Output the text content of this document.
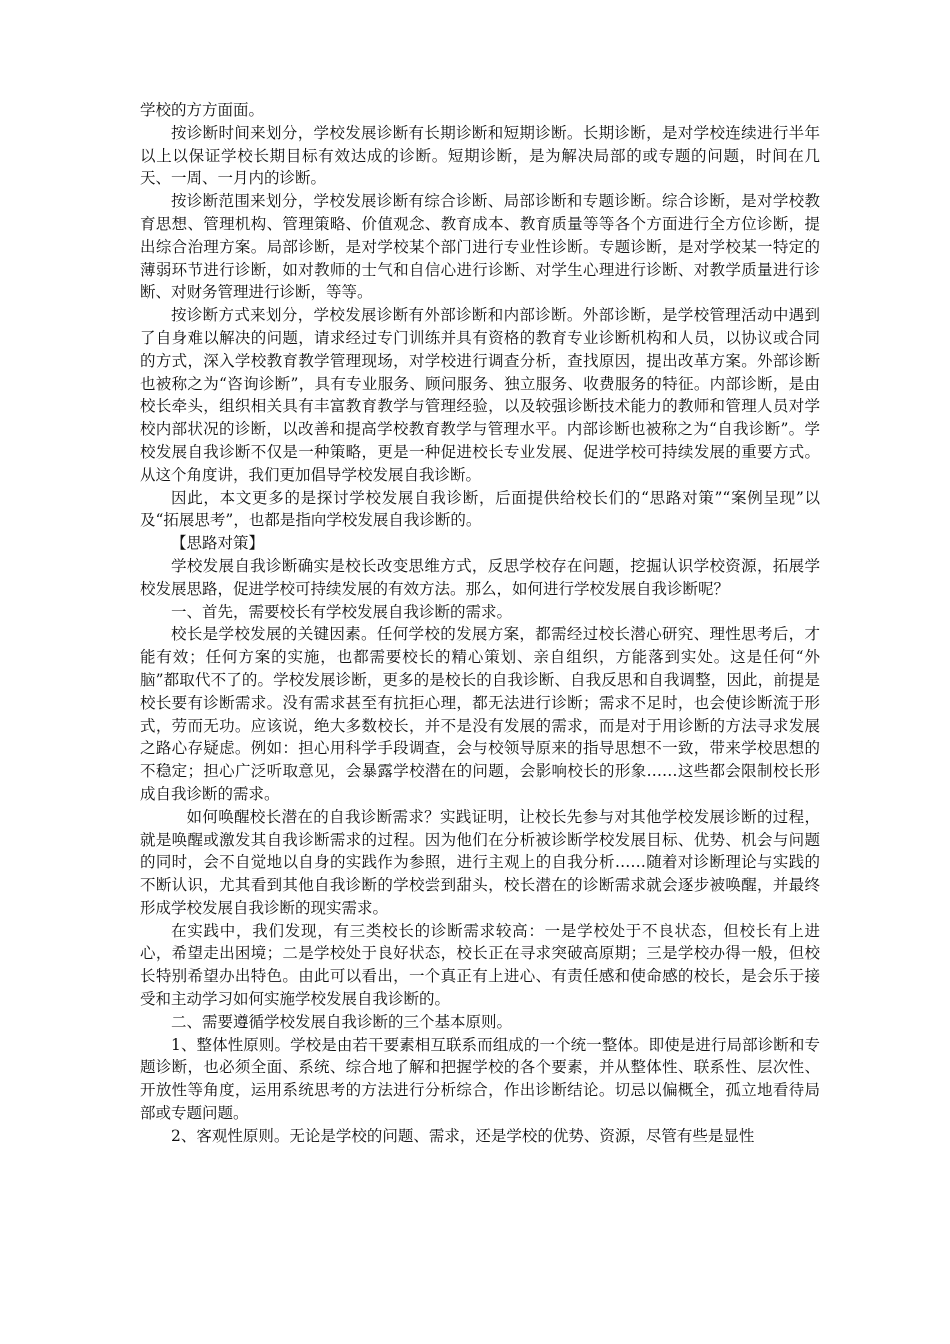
学校的方方面面。

按诊断时间来划分，学校发展诊断有长期诊断和短期诊断。长期诊断，是对学校连续进行半年以上以保证学校长期目标有效达成的诊断。短期诊断，是为解决局部的或专题的问题，时间在几天、一周、一月内的诊断。

按诊断范围来划分，学校发展诊断有综合诊断、局部诊断和专题诊断。综合诊断，是对学校教育思想、管理机构、管理策略、价值观念、教育成本、教育质量等等各个方面进行全方位诊断，提出综合治理方案。局部诊断，是对学校某个部门进行专业性诊断。专题诊断，是对学校某一特定的薄弱环节进行诊断，如对教师的士气和自信心进行诊断、对学生心理进行诊断、对教学质量进行诊断、对财务管理进行诊断，等等。

按诊断方式来划分，学校发展诊断有外部诊断和内部诊断。外部诊断，是学校管理活动中遇到了自身难以解决的问题，请求经过专门训练并具有资格的教育专业诊断机构和人员，以协议或合同的方式，深入学校教育教学管理现场，对学校进行调查分析，查找原因，提出改革方案。外部诊断也被称之为“咨询诊断”，具有专业服务、顾问服务、独立服务、收费服务的特征。内部诊断，是由校长牵头，组织相关具有丰富教育教学与管理经验，以及较强诊断技术能力的教师和管理人员对学校内部状况的诊断，以改善和提高学校教育教学与管理水平。内部诊断也被称之为“自我诊断”。学校发展自我诊断不仅是一种策略，更是一种促进校长专业发展、促进学校可持续发展的重要方式。从这个角度讲，我们更加倡导学校发展自我诊断。

因此，本文更多的是探讨学校发展自我诊断，后面提供给校长们的“思路对策”“案例呈现”以及“拓展思考”，也都是指向学校发展自我诊断的。

【思路对策】

学校发展自我诊断确实是校长改变思维方式，反思学校存在问题，挖掘认识学校资源，拓展学校发展思路，促进学校可持续发展的有效方法。那么，如何进行学校发展自我诊断呢？

一、首先，需要校长有学校发展自我诊断的需求。

校长是学校发展的关键因素。任何学校的发展方案，都需经过校长潜心研究、理性思考后，才能有效；任何方案的实施，也都需要校长的精心策划、亲自组织，方能落到实处。这是任何“外脑”都取代不了的。学校发展诊断，更多的是校长的自我诊断、自我反思和自我调整，因此，前提是校长要有诊断需求。没有需求甚至有抗拒心理，都无法进行诊断；需求不足时，也会使诊断流于形式，劳而无功。应该说，绝大多数校长，并不是没有发展的需求，而是对于用诊断的方法寻求发展之路心存疑虑。例如：担心用科学手段调查，会与校领导原来的指导思想不一致，带来学校思想的不稳定；担心广泛听取意见，会暴露学校潜在的问题，会影响校长的形象……这些都会限制校长形成自我诊断的需求。

如何唤醒校长潜在的自我诊断需求？实践证明，让校长先参与对其他学校发展诊断的过程，就是唤醒或激发其自我诊断需求的过程。因为他们在分析被诊断学校发展目标、优势、机会与问题的同时，会不自觉地以自身的实践作为参照，进行主观上的自我分析……随着对诊断理论与实践的不断认识，尤其看到其他自我诊断的学校尝到甜头，校长潜在的诊断需求就会逐步被唤醒，并最终形成学校发展自我诊断的现实需求。

在实践中，我们发现，有三类校长的诊断需求较高：一是学校处于不良状态，但校长有上进心，希望走出困境；二是学校处于良好状态，校长正在寻求突破高原期；三是学校办得一般，但校长特别希望办出特色。由此可以看出，一个真正有上进心、有责任感和使命感的校长，是会乐于接受和主动学习如何实施学校发展自我诊断的。

二、需要遵循学校发展自我诊断的三个基本原则。

1、整体性原则。学校是由若干要素相互联系而组成的一个统一整体。即使是进行局部诊断和专题诊断，也必须全面、系统、综合地了解和把握学校的各个要素，并从整体性、联系性、层次性、开放性等角度，运用系统思考的方法进行分析综合，作出诊断结论。切忌以偏概全，孤立地看待局部或专题问题。

2、客观性原则。无论是学校的问题、需求，还是学校的优势、资源，尽管有些是显性
